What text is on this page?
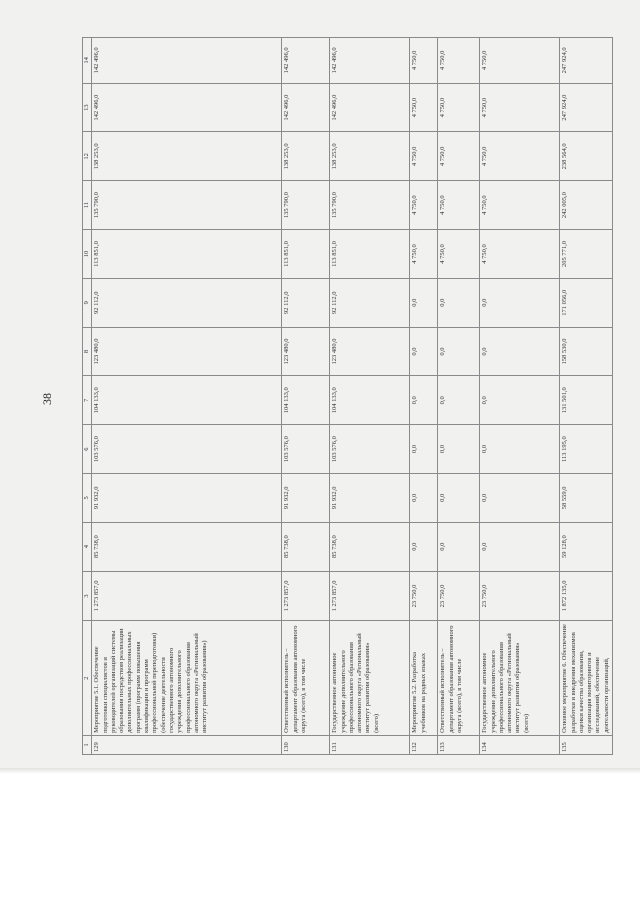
38
1	2	3	4	5	6	7	8	9	10	11	12	13	14
129	Мероприятие 5.1. Обеспечение подготовки специалистов и руководителей организаций системы образования посредством реализации дополнительных профессиональных программ (программ повышения квалификации и программ профессиональной переподготовки) (обеспечение деятельности государственного автономного учреждения дополнительного профессионального образования автономного округа «Региональный институт развития образования»)	1 273 857,0	85 738,0	91 932,0	103 576,0	104 133,0	123 480,0	92 112,0	113 851,0	135 790,0	138 253,0	142 496,0	142 496,0
130	Ответственный исполнитель – департамент образования автономного округа (всего), в том числе	1 273 857,0	85 738,0	91 932,0	103 576,0	104 133,0	123 480,0	92 112,0	113 851,0	135 790,0	138 253,0	142 496,0	142 496,0
131	Государственное автономное учреждение дополнительного профессионального образования автономного округа «Региональный институт развития образования» (всего)	1 273 857,0	85 738,0	91 932,0	103 576,0	104 133,0	123 480,0	92 112,0	113 851,0	135 790,0	138 253,0	142 496,0	142 496,0
132	Мероприятие 5.2. Разработка учебников на родных языках	23 750,0	0,0	0,0	0,0	0,0	0,0	0,0	4 750,0	4 750,0	4 750,0	4 750,0	4 750,0
133	Ответственный исполнитель – департамент образования автономного округа (всего), в том числе	23 750,0	0,0	0,0	0,0	0,0	0,0	0,0	4 750,0	4 750,0	4 750,0	4 750,0	4 750,0
134	Государственное автономное учреждение дополнительного профессионального образования автономного округа «Региональный институт развития образования» (всего)	23 750,0	0,0	0,0	0,0	0,0	0,0	0,0	4 750,0	4 750,0	4 750,0	4 750,0	4 750,0
135	Основное мероприятие 6. Обеспечение разработки и внедрения механизмов оценки качества образования, организация мониторингов и исследований, обеспечение деятельности организаций,	1 872 135,0	59 128,0	58 559,0	113 195,0	131 501,0	158 530,0	171 056,0	205 771,0	242 005,0	238 564,0	247 924,0	247 924,0
